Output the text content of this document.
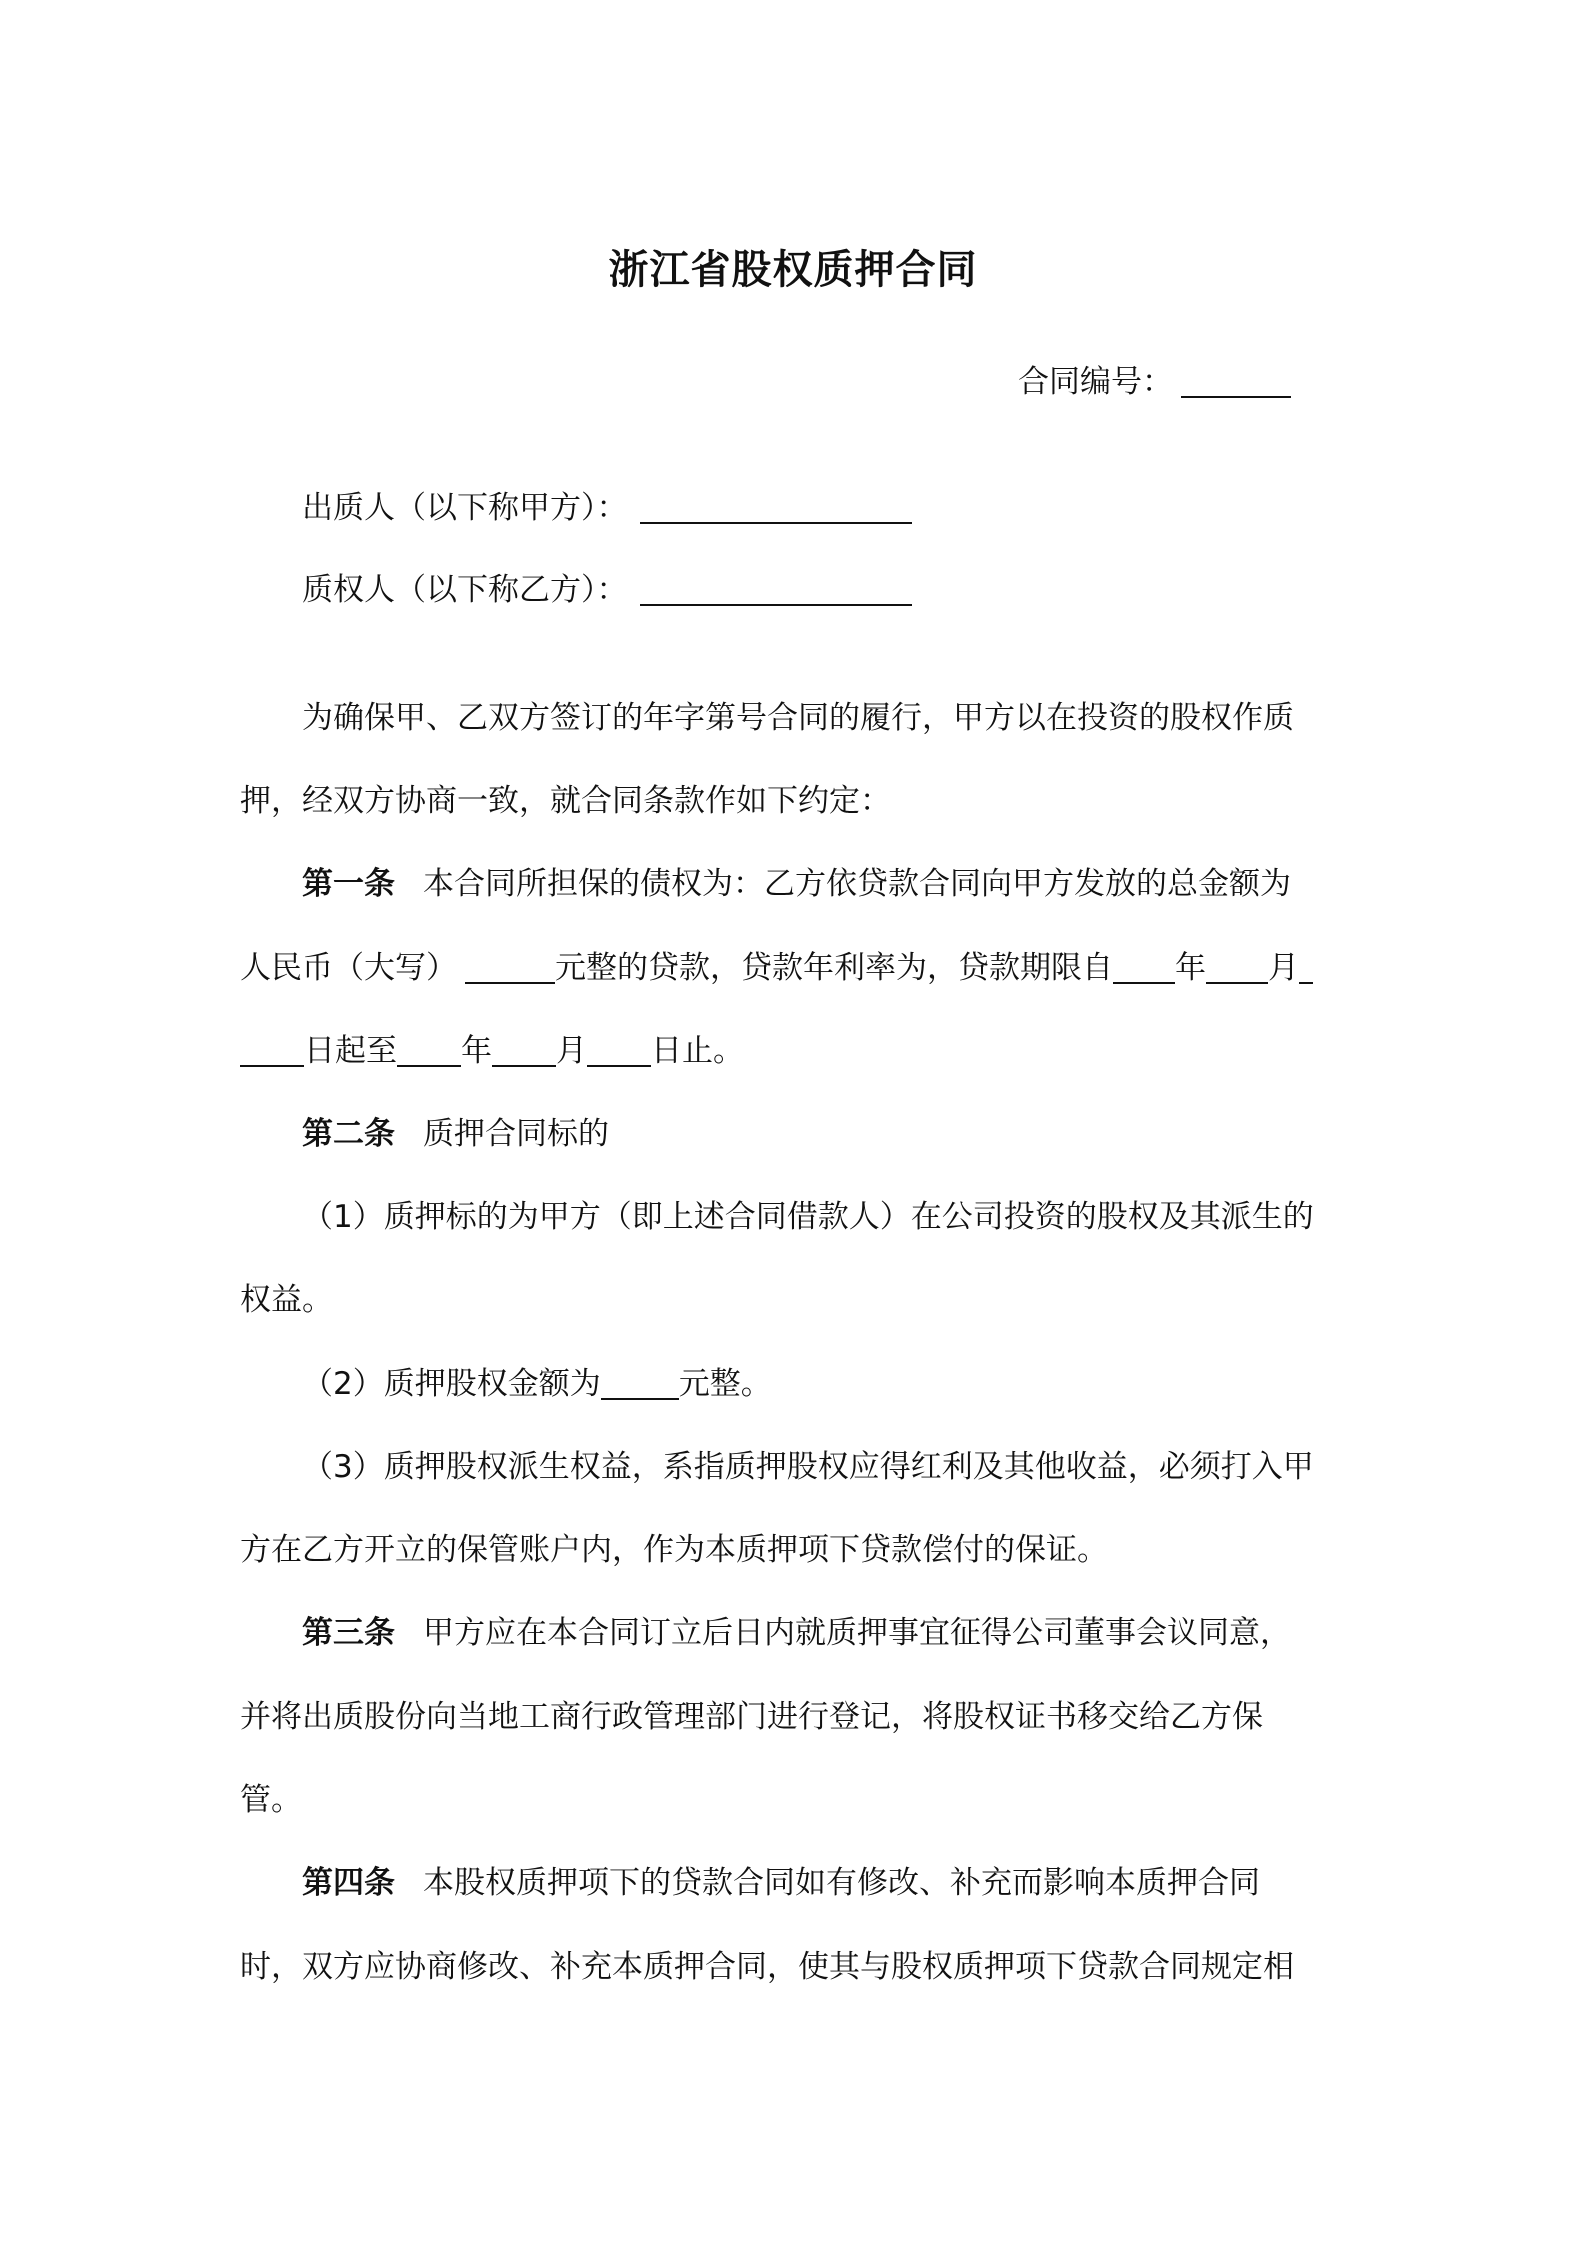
浙江省股权质押合同
合同编号：
出质人（以下称甲方）：
质权人（以下称乙方）：
为确保甲、乙双方签订的年字第号合同的履行，甲方以在投资的股权作质
押，经双方协商一致，就合同条款作如下约定：
第一条 本合同所担保的债权为：乙方依贷款合同向甲方发放的总金额为
人民币（大写）	元整的贷款，贷款年利率为，贷款期限自 年 月
日起至 年 月 日止。
第二条 质押合同标的
（1）质押标的为甲方（即上述合同借款人）在公司投资的股权及其派生的
权益。
（2）质押股权金额为	元整。
（3）质押股权派生权益，系指质押股权应得红利及其他收益，必须打入甲
方在乙方开立的保管账户内，作为本质押项下贷款偿付的保证。
第三条 甲方应在本合同订立后日内就质押事宜征得公司董事会议同意，
并将出质股份向当地工商行政管理部门进行登记，将股权证书移交给乙方保
管。
第四条 本股权质押项下的贷款合同如有修改、补充而影响本质押合同
时，双方应协商修改、补充本质押合同，使其与股权质押项下贷款合同规定相
